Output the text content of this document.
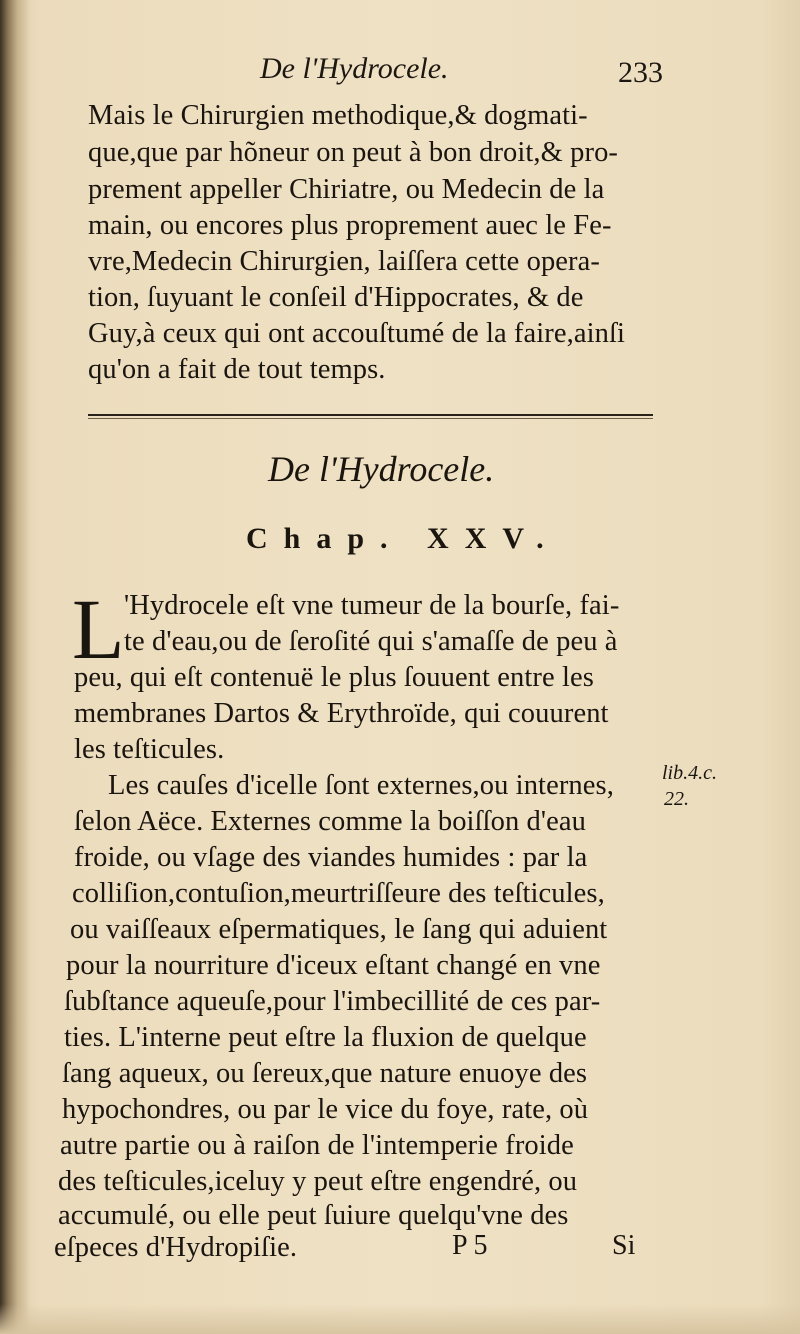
De l'Hydrocele.	233
Mais le Chirurgien methodique,& dogmati-
que,que par hõneur on peut à bon droit,& pro-
prement appeller Chiriatre, ou Medecin de la
main, ou encores plus proprement auec le Fe-
vre,Medecin Chirurgien, laiſſera cette opera-
tion, ſuyuant le conſeil d'Hippocrates, & de
Guy,à ceux qui ont accouſtumé de la faire,ainſi
qu'on a fait de tout temps.
De l'Hydrocele.
Chap. XXV.
L 'Hydrocele eſt vne tumeur de la bourſe, fai-
te d'eau,ou de ſeroſité qui s'amaſſe de peu à
peu, qui eſt contenuë le plus ſouuent entre les
membranes Dartos & Erythroïde, qui couurent
les teſticules.
lib.4.c.
22.
Les cauſes d'icelle ſont externes,ou internes,
ſelon Aëce. Externes comme la boiſſon d'eau
froide, ou vſage des viandes humides : par la
colliſion,contuſion,meurtriſſeure des teſticules,
ou vaiſſeaux eſpermatiques, le ſang qui aduient
pour la nourriture d'iceux eſtant changé en vne
ſubſtance aqueuſe,pour l'imbecillité de ces par-
ties. L'interne peut eſtre la fluxion de quelque
ſang aqueux, ou ſereux,que nature enuoye des
hypochondres, ou par le vice du foye, rate, où
autre partie ou à raiſon de l'intemperie froide
des teſticules,iceluy y peut eſtre engendré, ou
accumulé, ou elle peut ſuiure quelqu'vne des
eſpeces d'Hydropiſie.	P 5	Si
